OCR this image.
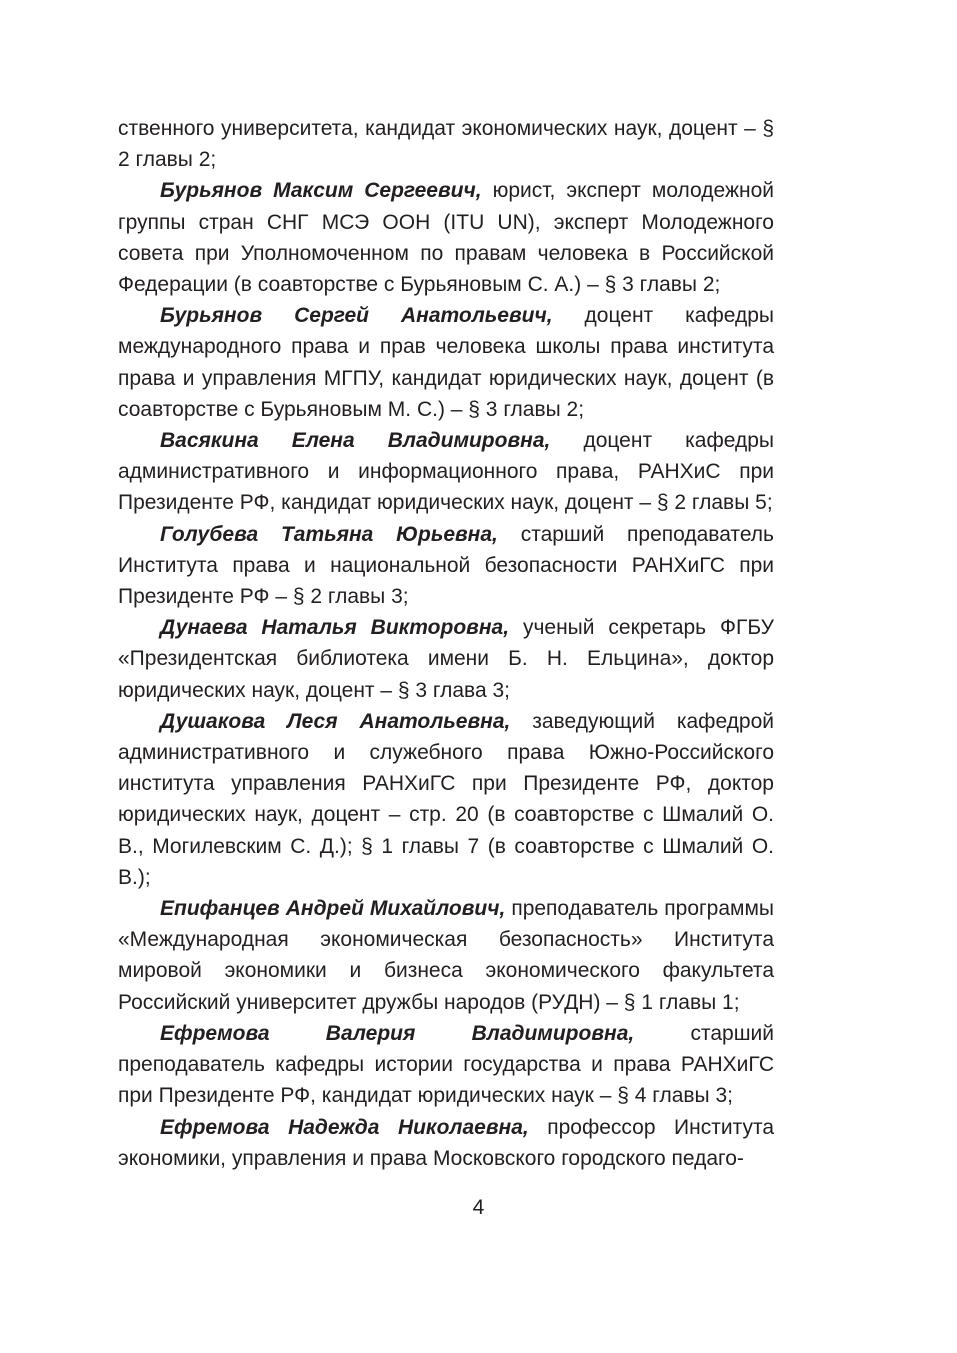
ственного университета, кандидат экономических наук, доцент – § 2 главы 2;

Бурьянов Максим Сергеевич, юрист, эксперт молодежной группы стран СНГ МСЭ ООН (ITU UN), эксперт Молодежного совета при Уполномоченном по правам человека в Российской Федерации (в соавторстве с Бурьяновым С. А.) – § 3 главы 2;

Бурьянов Сергей Анатольевич, доцент кафедры международного права и прав человека школы права института права и управления МГПУ, кандидат юридических наук, доцент (в соавторстве с Бурьяновым М. С.) – § 3 главы 2;

Васякина Елена Владимировна, доцент кафедры административного и информационного права, РАНХиС при Президенте РФ, кандидат юридических наук, доцент – § 2 главы 5;

Голубева Татьяна Юрьевна, старший преподаватель Института права и национальной безопасности РАНХиГС при Президенте РФ – § 2 главы 3;

Дунаева Наталья Викторовна, ученый секретарь ФГБУ «Президентская библиотека имени Б. Н. Ельцина», доктор юридических наук, доцент – § 3 глава 3;

Душакова Леся Анатольевна, заведующий кафедрой административного и служебного права Южно-Российского института управления РАНХиГС при Президенте РФ, доктор юридических наук, доцент – стр. 20 (в соавторстве с Шмалий О. В., Могилевским С. Д.); § 1 главы 7 (в соавторстве с Шмалий О. В.);

Епифанцев Андрей Михайлович, преподаватель программы «Международная экономическая безопасность» Института мировой экономики и бизнеса экономического факультета Российский университет дружбы народов (РУДН) – § 1 главы 1;

Ефремова Валерия Владимировна, старший преподаватель кафедры истории государства и права РАНХиГС при Президенте РФ, кандидат юридических наук – § 4 главы 3;

Ефремова Надежда Николаевна, профессор Института экономики, управления и права Московского городского педаго-

4
